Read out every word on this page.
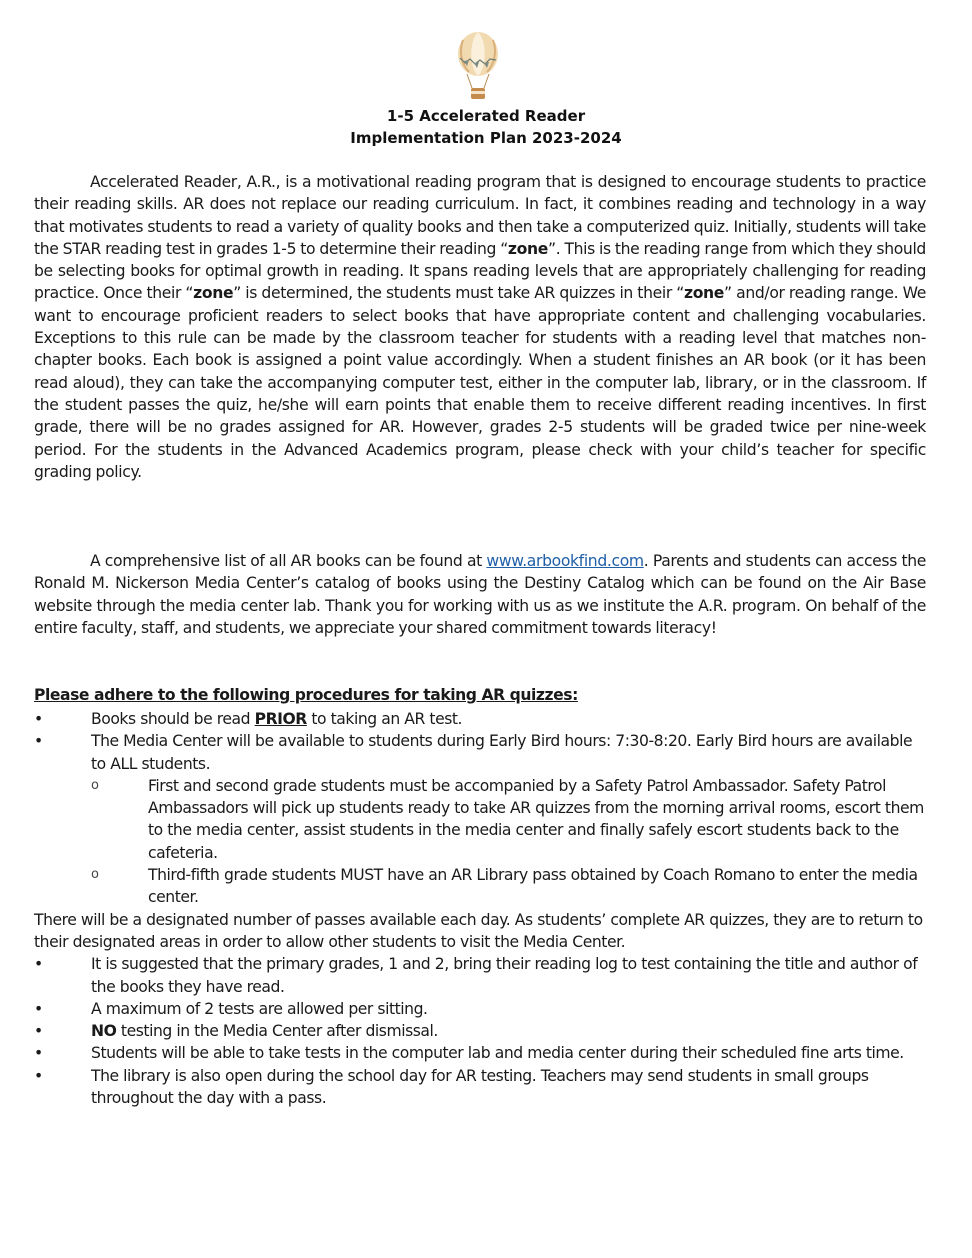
1-5 Accelerated Reader
Implementation Plan 2023-2024

Accelerated Reader, A.R., is a motivational reading program that is designed to encourage students to practice their reading skills. AR does not replace our reading curriculum. In fact, it combines reading and technology in a way that motivates students to read a variety of quality books and then take a computerized quiz. Initially, students will take the STAR reading test in grades 1-5 to determine their reading “zone”. This is the reading range from which they should be selecting books for optimal growth in reading. It spans reading levels that are appropriately challenging for reading practice. Once their “zone” is determined, the students must take AR quizzes in their “zone” and/or reading range. We want to encourage proficient readers to select books that have appropriate content and challenging vocabularies. Exceptions to this rule can be made by the classroom teacher for students with a reading level that matches non-chapter books. Each book is assigned a point value accordingly. When a student finishes an AR book (or it has been read aloud), they can take the accompanying computer test, either in the computer lab, library, or in the classroom. If the student passes the quiz, he/she will earn points that enable them to receive different reading incentives. In first grade, there will be no grades assigned for AR. However, grades 2-5 students will be graded twice per nine-week period. For the students in the Advanced Academics program, please check with your child’s teacher for specific grading policy.

A comprehensive list of all AR books can be found at www.arbookfind.com. Parents and students can access the Ronald M. Nickerson Media Center’s catalog of books using the Destiny Catalog which can be found on the Air Base website through the media center lab. Thank you for working with us as we institute the A.R. program. On behalf of the entire faculty, staff, and students, we appreciate your shared commitment towards literacy!

Please adhere to the following procedures for taking AR quizzes:
•	Books should be read PRIOR to taking an AR test.
•	The Media Center will be available to students during Early Bird hours: 7:30-8:20. Early Bird hours are available to ALL students.
o	First and second grade students must be accompanied by a Safety Patrol Ambassador. Safety Patrol Ambassadors will pick up students ready to take AR quizzes from the morning arrival rooms, escort them to the media center, assist students in the media center and finally safely escort students back to the cafeteria.
o	Third-fifth grade students MUST have an AR Library pass obtained by Coach Romano to enter the media center.
There will be a designated number of passes available each day. As students’ complete AR quizzes, they are to return to their designated areas in order to allow other students to visit the Media Center.
•	It is suggested that the primary grades, 1 and 2, bring their reading log to test containing the title and author of the books they have read.
•	A maximum of 2 tests are allowed per sitting.
•	NO testing in the Media Center after dismissal.
•	Students will be able to take tests in the computer lab and media center during their scheduled fine arts time.
•	The library is also open during the school day for AR testing. Teachers may send students in small groups throughout the day with a pass.
